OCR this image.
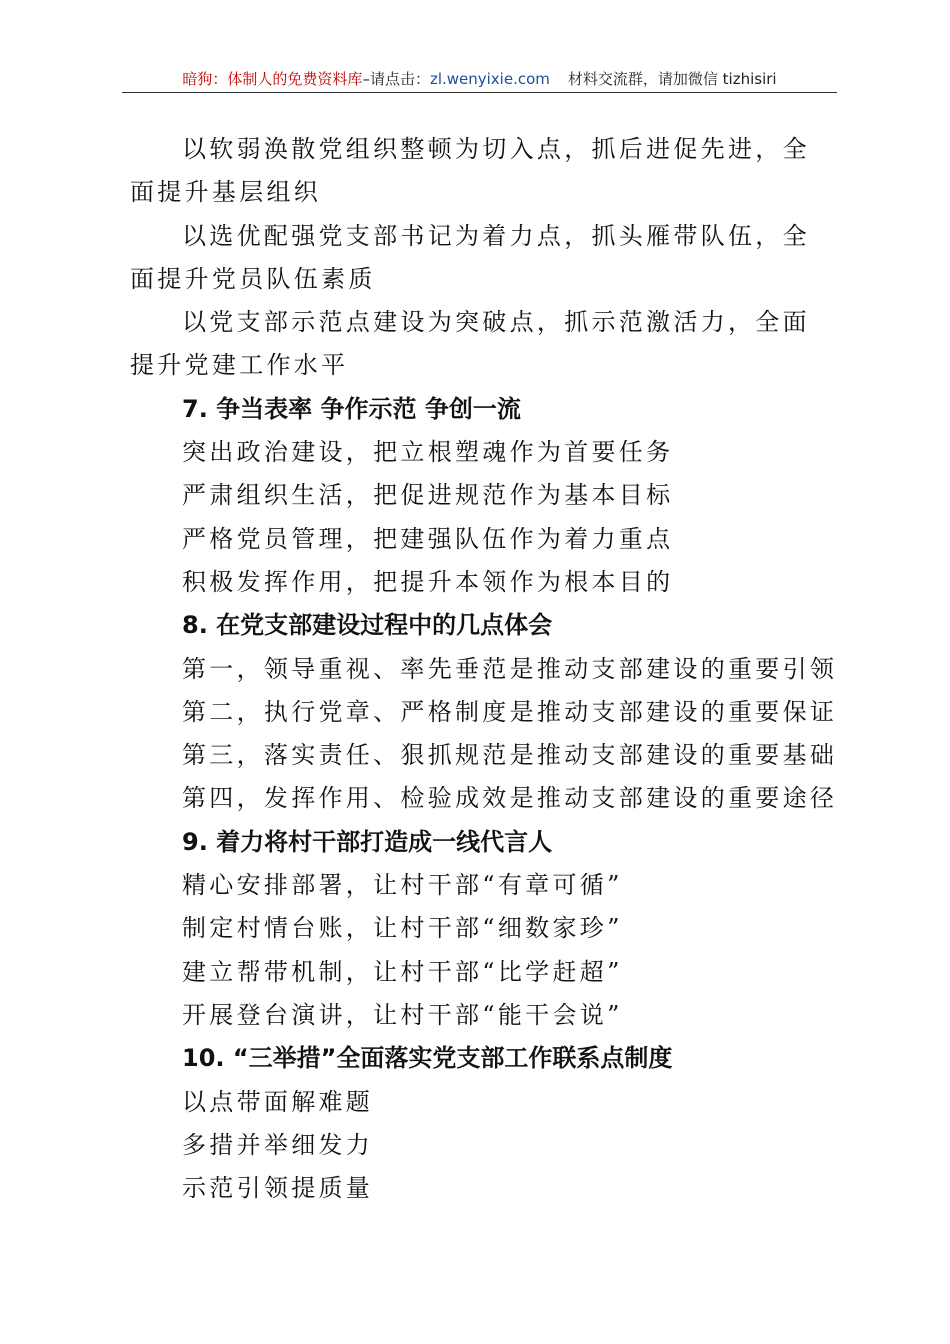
暗狗：体制人的免费资料库–请点击：zl.wenyixie.com 材料交流群，请加微信 tizhisiri

以软弱涣散党组织整顿为切入点，抓后进促先进，全面提升基层组织

以选优配强党支部书记为着力点，抓头雁带队伍，全面提升党员队伍素质

以党支部示范点建设为突破点，抓示范激活力，全面提升党建工作水平

7. 争当表率 争作示范 争创一流

突出政治建设，把立根塑魂作为首要任务

严肃组织生活，把促进规范作为基本目标

严格党员管理，把建强队伍作为着力重点

积极发挥作用，把提升本领作为根本目的

8. 在党支部建设过程中的几点体会

第一，领导重视、率先垂范是推动支部建设的重要引领

第二，执行党章、严格制度是推动支部建设的重要保证

第三，落实责任、狠抓规范是推动支部建设的重要基础

第四，发挥作用、检验成效是推动支部建设的重要途径

9. 着力将村干部打造成一线代言人

精心安排部署，让村干部“有章可循”

制定村情台账，让村干部“细数家珍”

建立帮带机制，让村干部“比学赶超”

开展登台演讲，让村干部“能干会说”

10. “三举措”全面落实党支部工作联系点制度

以点带面解难题

多措并举细发力

示范引领提质量
